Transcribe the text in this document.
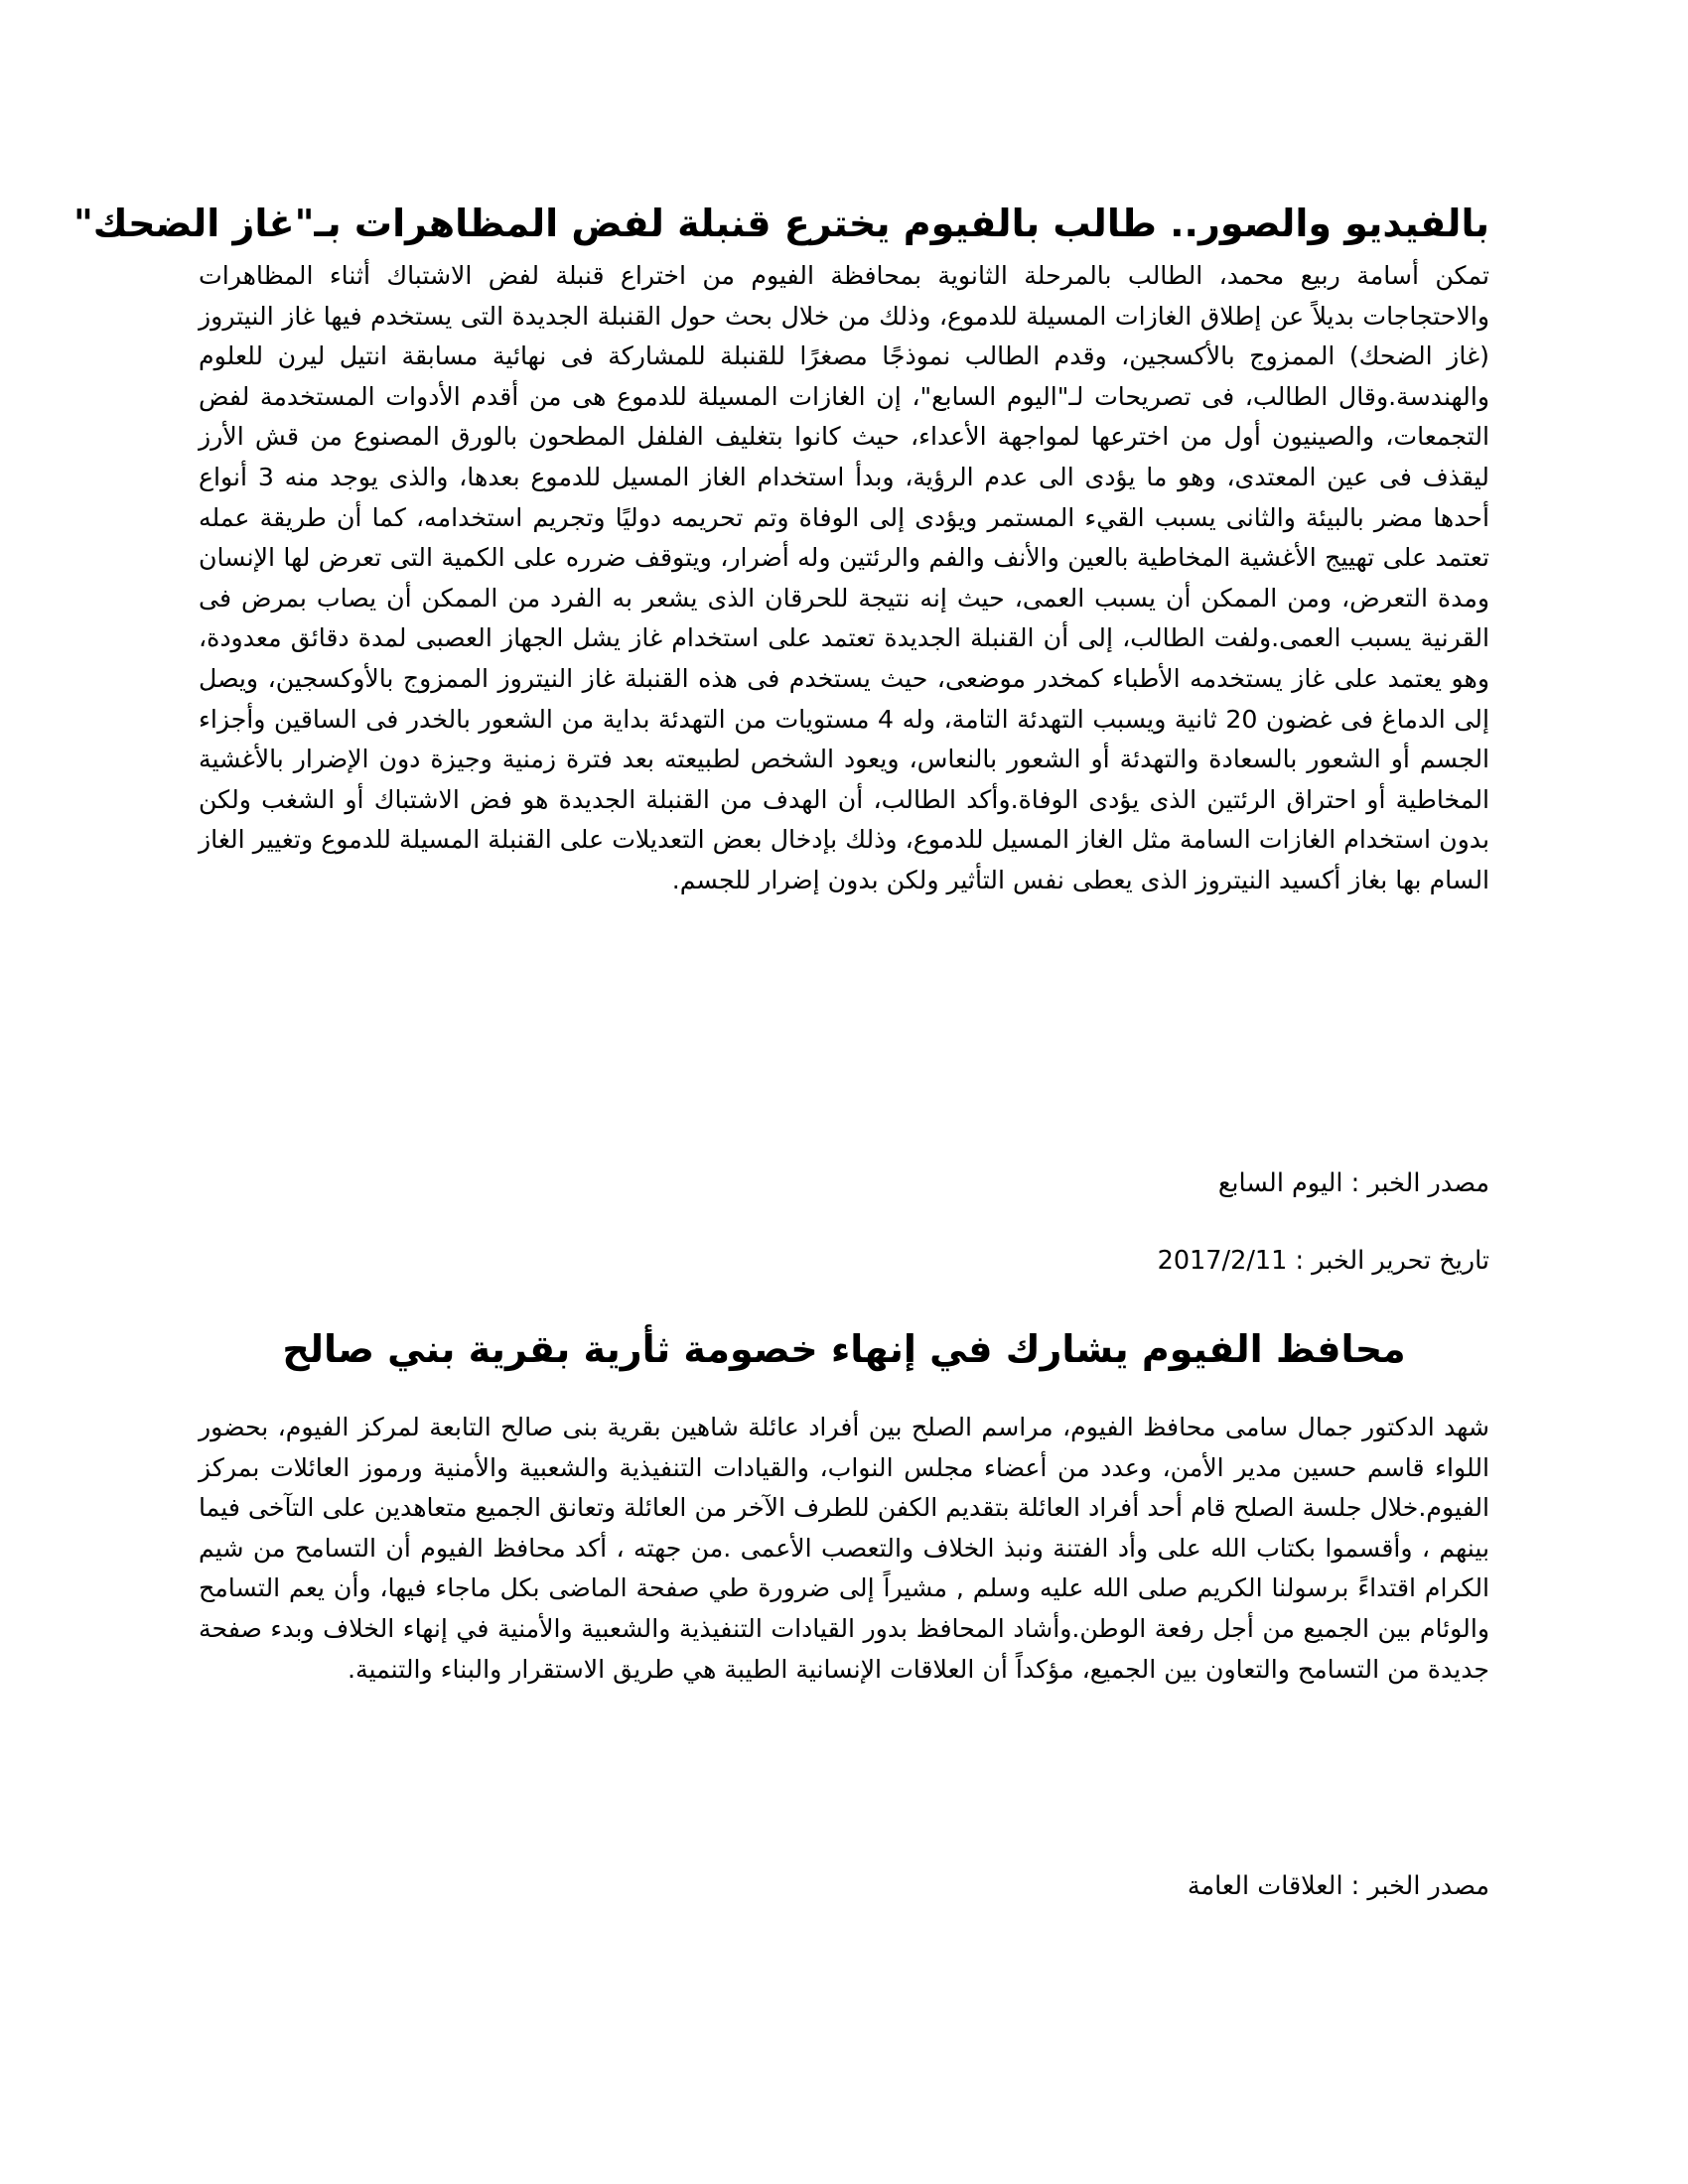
بالفيديو والصور.. طالب بالفيوم يخترع قنبلة لفض المظاهرات بـ"غاز الضحك"

تمكن أسامة ربيع محمد، الطالب بالمرحلة الثانوية بمحافظة الفيوم من اختراع قنبلة لفض الاشتباك أثناء المظاهرات والاحتجاجات بديلاً عن إطلاق الغازات المسيلة للدموع، وذلك من خلال بحث حول القنبلة الجديدة التى يستخدم فيها غاز النيتروز (غاز الضحك) الممزوج بالأكسجين، وقدم الطالب نموذجًا مصغرًا للقنبلة للمشاركة فى نهائية مسابقة انتيل ليرن للعلوم والهندسة.وقال الطالب، فى تصريحات لـ"اليوم السابع"، إن الغازات المسيلة للدموع هى من أقدم الأدوات المستخدمة لفض التجمعات، والصينيون أول من اخترعها لمواجهة الأعداء، حيث كانوا بتغليف الفلفل المطحون بالورق المصنوع من قش الأرز ليقذف فى عين المعتدى، وهو ما يؤدى الى عدم الرؤية، وبدأ استخدام الغاز المسيل للدموع بعدها، والذى يوجد منه 3 أنواع أحدها مضر بالبيئة والثانى يسبب القيء المستمر ويؤدى إلى الوفاة وتم تحريمه دوليًا وتجريم استخدامه، كما أن طريقة عمله تعتمد على تهييج الأغشية المخاطية بالعين والأنف والفم والرئتين وله أضرار، ويتوقف ضرره على الكمية التى تعرض لها الإنسان ومدة التعرض، ومن الممكن أن يسبب العمى، حيث إنه نتيجة للحرقان الذى يشعر به الفرد من الممكن أن يصاب بمرض فى القرنية يسبب العمى.ولفت الطالب، إلى أن القنبلة الجديدة تعتمد على استخدام غاز يشل الجهاز العصبى لمدة دقائق معدودة، وهو يعتمد على غاز يستخدمه الأطباء كمخدر موضعى، حيث يستخدم فى هذه القنبلة غاز النيتروز الممزوج بالأوكسجين، ويصل إلى الدماغ فى غضون 20 ثانية ويسبب التهدئة التامة، وله 4 مستويات من التهدئة بداية من الشعور بالخدر فى الساقين وأجزاء الجسم أو الشعور بالسعادة والتهدئة أو الشعور بالنعاس، ويعود الشخص لطبيعته بعد فترة زمنية وجيزة دون الإضرار بالأغشية المخاطية أو احتراق الرئتين الذى يؤدى الوفاة.وأكد الطالب، أن الهدف من القنبلة الجديدة هو فض الاشتباك أو الشغب ولكن بدون استخدام الغازات السامة مثل الغاز المسيل للدموع، وذلك بإدخال بعض التعديلات على القنبلة المسيلة للدموع وتغيير الغاز السام بها بغاز أكسيد النيتروز الذى يعطى نفس التأثير ولكن بدون إضرار للجسم.

مصدر الخبر : اليوم السابع

تاريخ تحرير الخبر : 2017/2/11

محافظ الفيوم يشارك في إنهاء خصومة ثأرية بقرية بني صالح

شهد الدكتور جمال سامى محافظ الفيوم، مراسم الصلح بين أفراد عائلة شاهين بقرية بنى صالح التابعة لمركز الفيوم، بحضور اللواء قاسم حسين مدير الأمن، وعدد من أعضاء مجلس النواب، والقيادات التنفيذية والشعبية والأمنية ورموز العائلات بمركز الفيوم.خلال جلسة الصلح قام أحد أفراد العائلة بتقديم الكفن للطرف الآخر من العائلة وتعانق الجميع متعاهدين على التآخى فيما بينهم ، وأقسموا بكتاب الله على وأد الفتنة ونبذ الخلاف والتعصب الأعمى .من جهته ، أكد محافظ الفيوم أن التسامح من شيم الكرام اقتداءً برسولنا الكريم صلى الله عليه وسلم , مشيراً إلى ضرورة طي صفحة الماضى بكل ماجاء فيها، وأن يعم التسامح والوئام بين الجميع من أجل رفعة الوطن.وأشاد المحافظ بدور القيادات التنفيذية والشعبية والأمنية في إنهاء الخلاف وبدء صفحة جديدة من التسامح والتعاون بين الجميع، مؤكداً أن العلاقات الإنسانية الطيبة هي طريق الاستقرار والبناء والتنمية.

مصدر الخبر : العلاقات العامة
